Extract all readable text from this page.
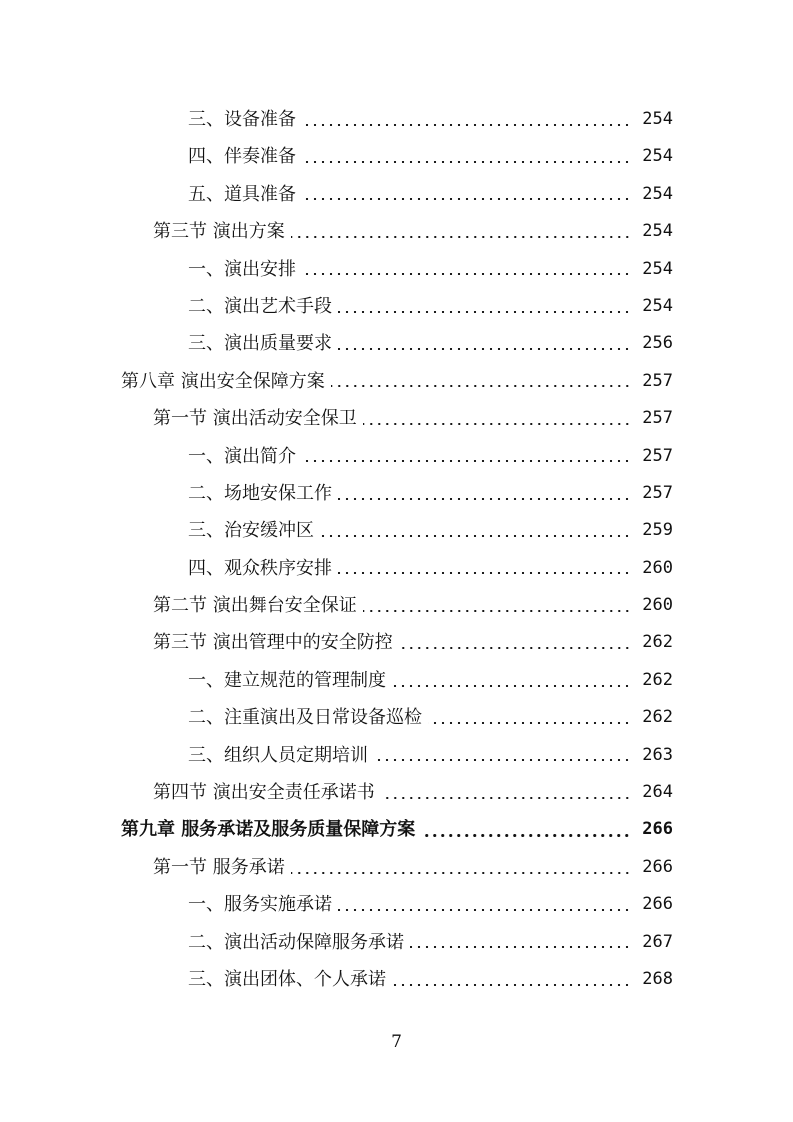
三、设备准备	254
四、伴奏准备	254
五、道具准备	254
第三节 演出方案	254
一、演出安排	254
二、演出艺术手段	254
三、演出质量要求	256
第八章 演出安全保障方案	257
第一节 演出活动安全保卫	257
一、演出简介	257
二、场地安保工作	257
三、治安缓冲区	259
四、观众秩序安排	260
第二节 演出舞台安全保证	260
第三节 演出管理中的安全防控	262
一、建立规范的管理制度	262
二、注重演出及日常设备巡检	262
三、组织人员定期培训	263
第四节 演出安全责任承诺书	264
第九章 服务承诺及服务质量保障方案	266
第一节 服务承诺	266
一、服务实施承诺	266
二、演出活动保障服务承诺	267
三、演出团体、个人承诺	268
7
